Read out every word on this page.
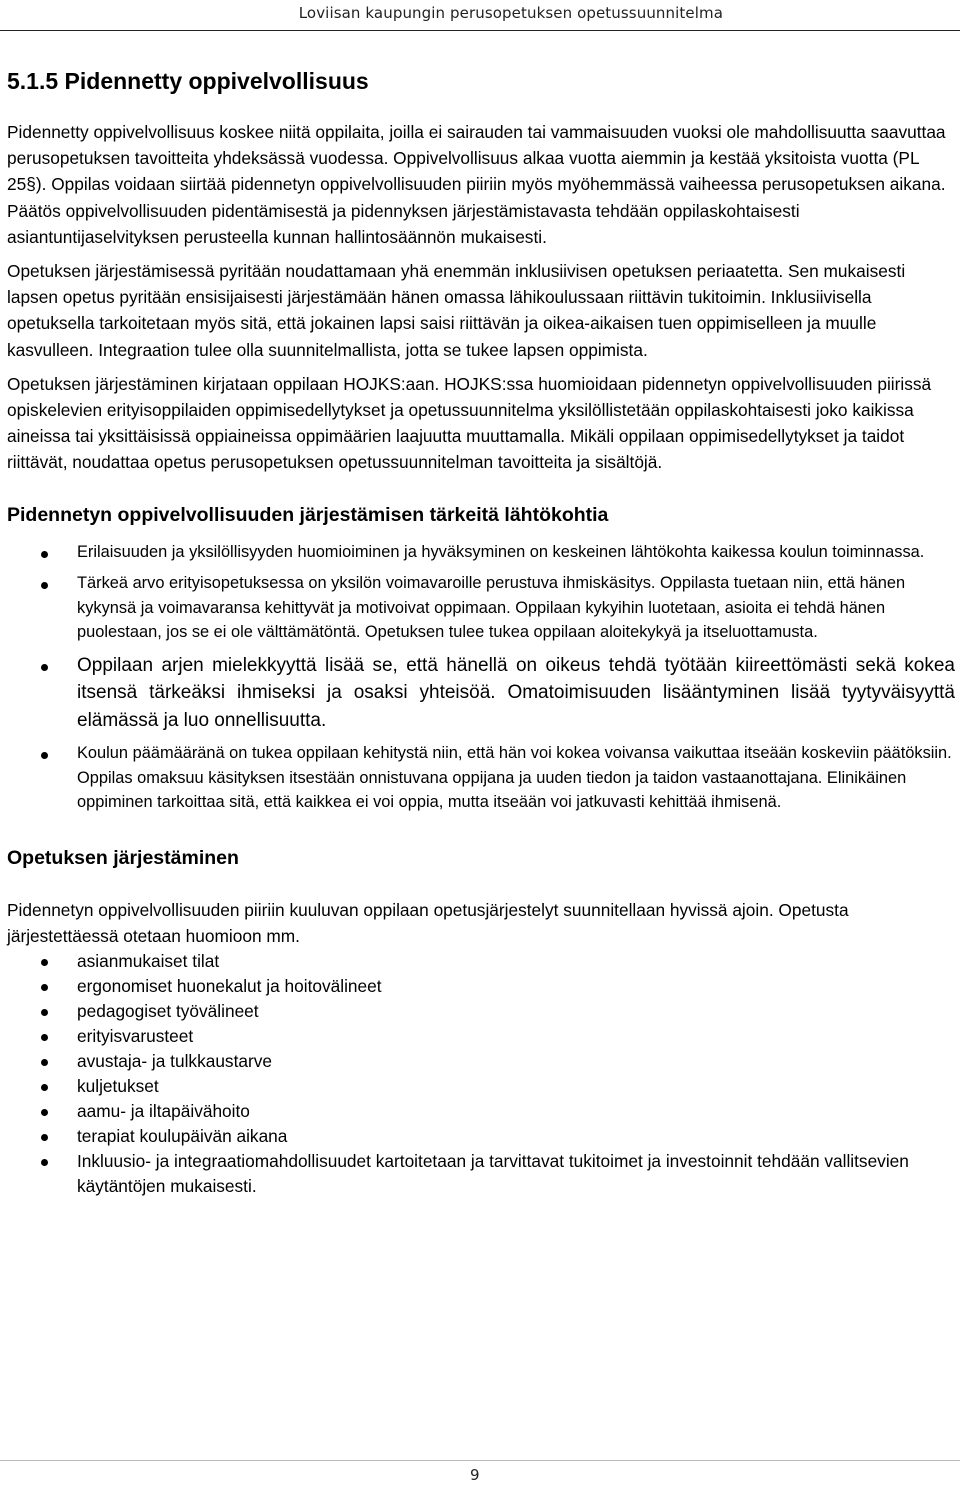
Loviisan kaupungin perusopetuksen opetussuunnitelma
5.1.5 Pidennetty oppivelvollisuus

Pidennetty oppivelvollisuus koskee niitä oppilaita, joilla ei sairauden tai vammaisuuden vuoksi ole mahdollisuutta saavuttaa perusopetuksen tavoitteita yhdeksässä vuodessa. Oppivelvollisuus alkaa vuotta aiemmin ja kestää yksitoista vuotta (PL 25§). Oppilas voidaan siirtää pidennetyn oppivelvollisuuden piiriin myös myöhemmässä vaiheessa perusopetuksen aikana. Päätös oppivelvollisuuden pidentämisestä ja pidennyksen järjestämistavasta tehdään oppilaskohtaisesti asiantuntijaselvityksen perusteella kunnan hallintosäännön mukaisesti.

Opetuksen järjestämisessä pyritään noudattamaan yhä enemmän inklusiivisen opetuksen periaatetta. Sen mukaisesti lapsen opetus pyritään ensisijaisesti järjestämään hänen omassa lähikoulussaan riittävin tukitoimin. Inklusiivisella opetuksella tarkoitetaan myös sitä, että jokainen lapsi saisi riittävän ja oikea-aikaisen tuen oppimiselleen ja muulle kasvulleen. Integraation tulee olla suunnitelmallista, jotta se tukee lapsen oppimista.

Opetuksen järjestäminen kirjataan oppilaan HOJKS:aan. HOJKS:ssa huomioidaan pidennetyn oppivelvollisuuden piirissä opiskelevien erityisoppilaiden oppimisedellytykset ja opetussuunnitelma yksilöllistetään oppilaskohtaisesti joko kaikissa aineissa tai yksittäisissä oppiaineissa oppimäärien laajuutta muuttamalla. Mikäli oppilaan oppimisedellytykset ja taidot riittävät, noudattaa opetus perusopetuksen opetussuunnitelman tavoitteita ja sisältöjä.

Pidennetyn oppivelvollisuuden järjestämisen tärkeitä lähtökohtia
Erilaisuuden ja yksilöllisyyden huomioiminen ja hyväksyminen on keskeinen lähtökohta kaikessa koulun toiminnassa.
Tärkeä arvo erityisopetuksessa on yksilön voimavaroille perustuva ihmiskäsitys. Oppilasta tuetaan niin, että hänen kykynsä ja voimavaransa kehittyvät ja motivoivat oppimaan. Oppilaan kykyihin luotetaan, asioita ei tehdä hänen puolestaan, jos se ei ole välttämätöntä. Opetuksen tulee tukea oppilaan aloitekykyä ja itseluottamusta.
Oppilaan arjen mielekkyyttä lisää se, että hänellä on oikeus tehdä työtään kiireettömästi sekä kokea itsensä tärkeäksi ihmiseksi ja osaksi yhteisöä. Omatoimisuuden lisääntyminen lisää tyytyväisyyttä elämässä ja luo onnellisuutta.
Koulun päämääränä on tukea oppilaan kehitystä niin, että hän voi kokea voivansa vaikuttaa itseään koskeviin päätöksiin. Oppilas omaksuu käsityksen itsestään onnistuvana oppijana ja uuden tiedon ja taidon vastaanottajana. Elinikäinen oppiminen tarkoittaa sitä, että kaikkea ei voi oppia, mutta itseään voi jatkuvasti kehittää ihmisenä.
Opetuksen järjestäminen

Pidennetyn oppivelvollisuuden piiriin kuuluvan oppilaan opetusjärjestelyt suunnitellaan hyvissä ajoin. Opetusta järjestettäessä otetaan huomioon mm.

asianmukaiset tilat
ergonomiset huonekalut ja hoitovälineet
pedagogiset työvälineet
erityisvarusteet
avustaja- ja tulkkaustarve
kuljetukset
aamu- ja iltapäivähoito
terapiat koulupäivän aikana
Inkluusio- ja integraatiomahdollisuudet kartoitetaan ja tarvittavat tukitoimet ja investoinnit tehdään vallitsevien käytäntöjen mukaisesti.
9
